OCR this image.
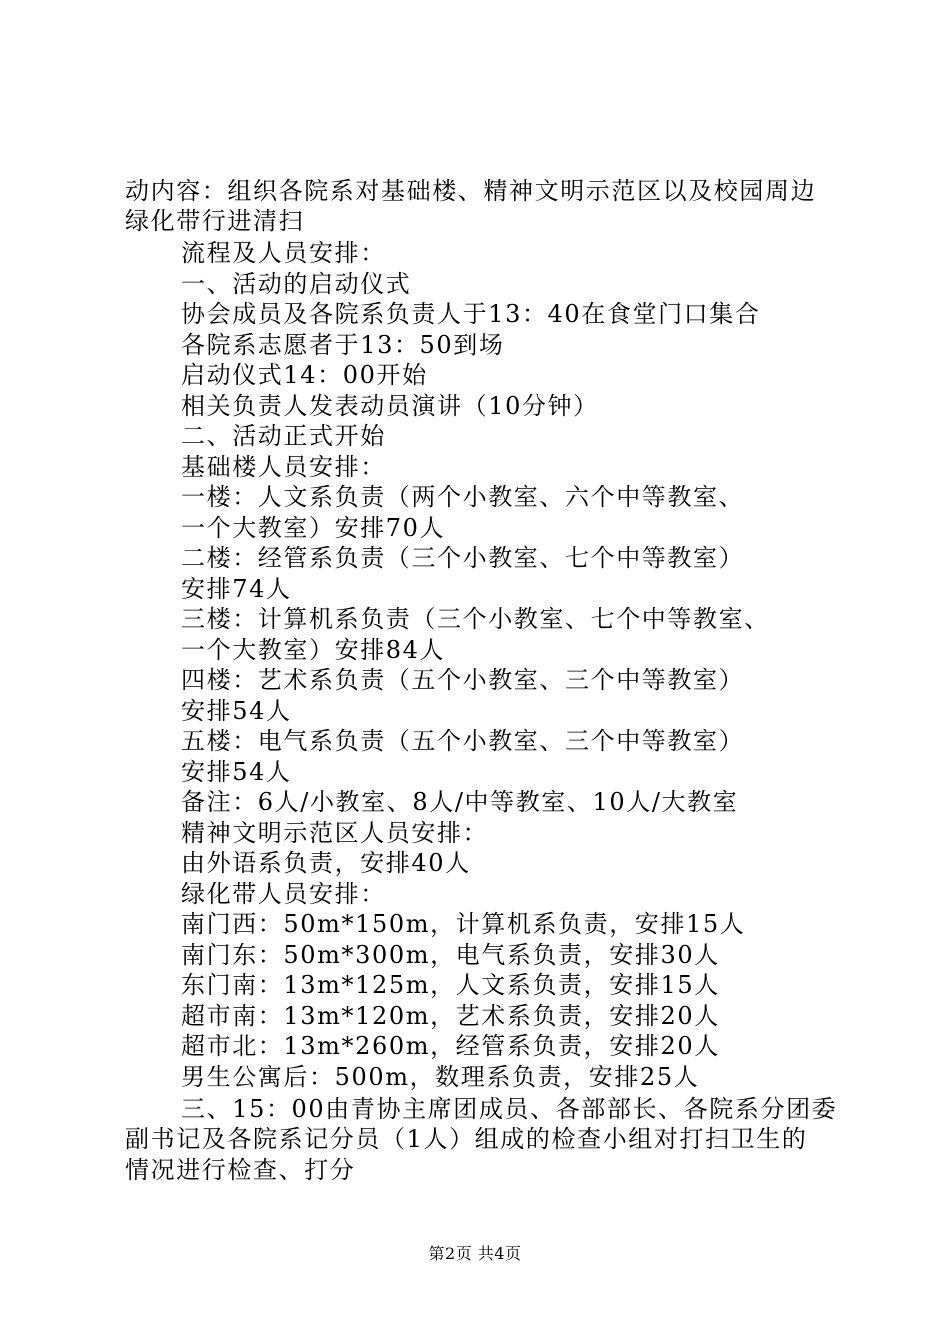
动内容：组织各院系对基础楼、精神文明示范区以及校园周边
绿化带行进清扫
流程及人员安排：
一、活动的启动仪式
协会成员及各院系负责人于13：40在食堂门口集合
各院系志愿者于13：50到场
启动仪式14：00开始
相关负责人发表动员演讲（10分钟）
二、活动正式开始
基础楼人员安排：
一楼：人文系负责（两个小教室、六个中等教室、
一个大教室）安排70人
二楼：经管系负责（三个小教室、七个中等教室）
安排74人
三楼：计算机系负责（三个小教室、七个中等教室、
一个大教室）安排84人
四楼：艺术系负责（五个小教室、三个中等教室）
安排54人
五楼：电气系负责（五个小教室、三个中等教室）
安排54人
备注：6人/小教室、8人/中等教室、10人/大教室
精神文明示范区人员安排：
由外语系负责，安排40人
绿化带人员安排：
南门西：50m*150m，计算机系负责，安排15人
南门东：50m*300m，电气系负责，安排30人
东门南：13m*125m，人文系负责，安排15人
超市南：13m*120m，艺术系负责，安排20人
超市北：13m*260m，经管系负责，安排20人
男生公寓后：500m，数理系负责，安排25人
三、15：00由青协主席团成员、各部部长、各院系分团委
副书记及各院系记分员（1人）组成的检查小组对打扫卫生的
情况进行检查、打分
第2页 共4页
